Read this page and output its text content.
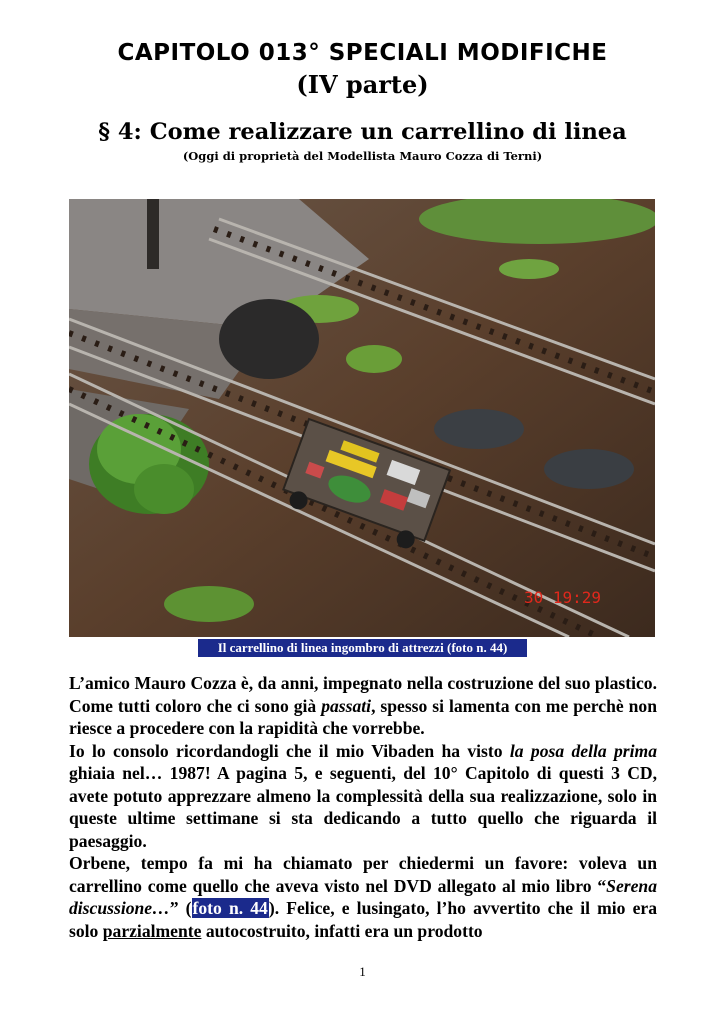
CAPITOLO 013° SPECIALI MODIFICHE
(IV parte)
§ 4: Come realizzare un carrellino di linea
(Oggi di proprietà del Modellista Mauro Cozza di Terni)
30 19:29
Il carrellino di linea ingombro di attrezzi (foto n. 44)

L’amico Mauro Cozza è, da anni, impegnato nella costruzione del suo plastico. Come tutti coloro che ci sono già passati, spesso si lamenta con me perchè non riesce a procedere con la rapidità che vorrebbe.

Io lo consolo ricordandogli che il mio Vibaden ha visto la posa della prima ghiaia nel… 1987! A pagina 5, e seguenti, del 10° Capitolo di questi 3 CD, avete potuto apprezzare almeno la complessità della sua realizzazione, solo in queste ultime settimane si sta dedicando a tutto quello che riguarda il paesaggio.

Orbene, tempo fa mi ha chiamato per chiedermi un favore: voleva un carrellino come quello che aveva visto nel DVD allegato al mio libro “Serena discussione…” (foto n. 44). Felice, e lusingato, l’ho avvertito che il mio era solo parzialmente autocostruito, infatti era un prodotto

1
